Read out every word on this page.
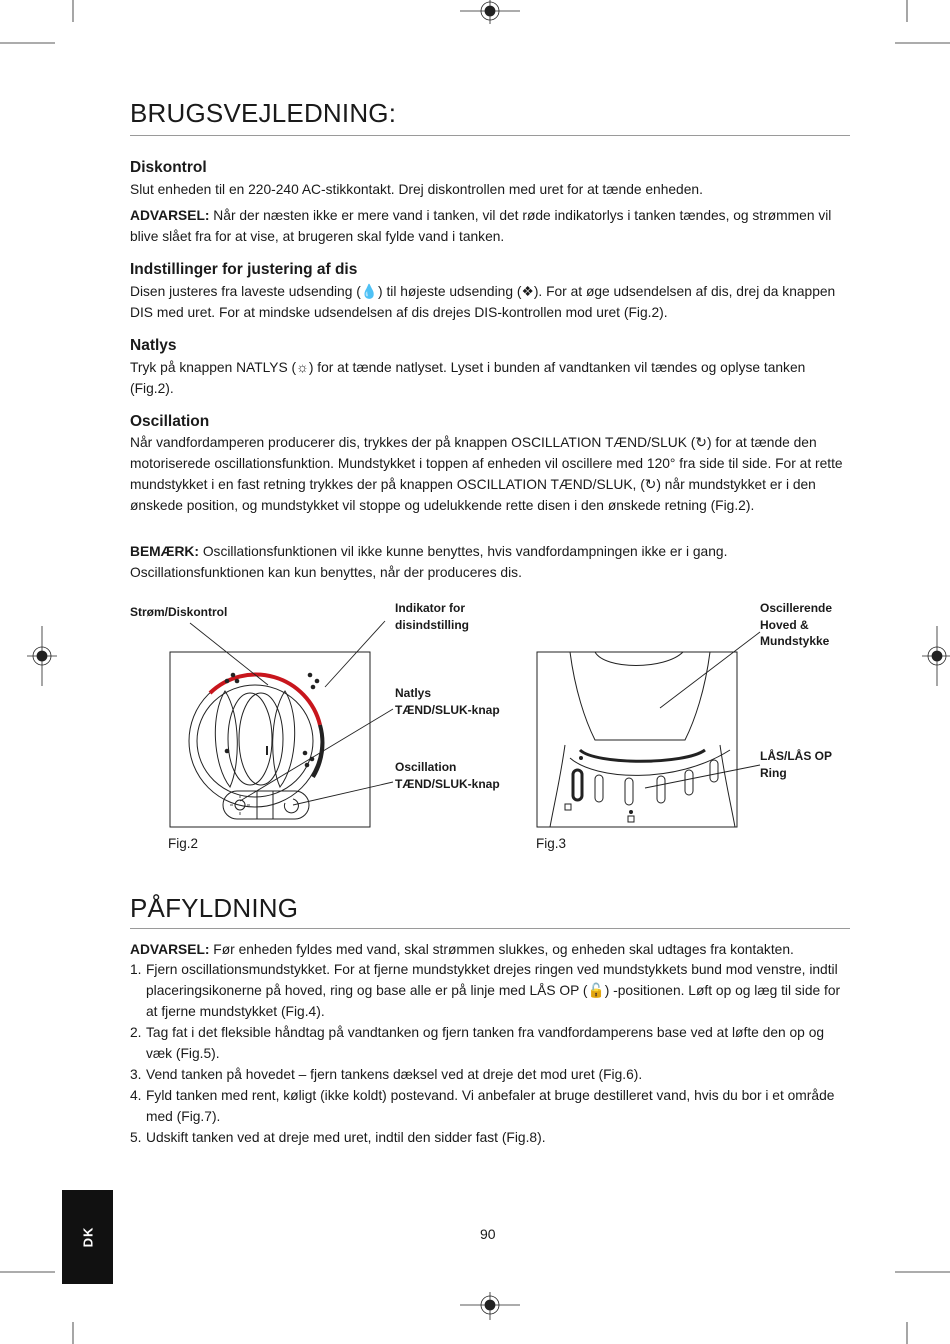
BRUGSVEJLEDNING:
Diskontrol

Slut enheden til en 220-240 AC-stikkontakt. Drej diskontrollen med uret for at tænde enheden.

ADVARSEL: Når der næsten ikke er mere vand i tanken, vil det røde indikatorlys i tanken tændes, og strømmen vil blive slået fra for at vise, at brugeren skal fylde vand i tanken.

Indstillinger for justering af dis

Disen justeres fra laveste udsending (💧) til højeste udsending (❖). For at øge udsendelsen af dis, drej da knappen DIS med uret. For at mindske udsendelsen af dis drejes DIS-kontrollen mod uret (Fig.2).

Natlys

Tryk på knappen NATLYS (☼) for at tænde natlyset. Lyset i bunden af vandtanken vil tændes og oplyse tanken (Fig.2).

Oscillation

Når vandfordamperen producerer dis, trykkes der på knappen OSCILLATION TÆND/SLUK (↻) for at tænde den motoriserede oscillationsfunktion. Mundstykket i toppen af enheden vil oscillere med 120° fra side til side. For at rette mundstykket i en fast retning trykkes der på knappen OSCILLATION TÆND/SLUK, (↻) når mundstykket er i den ønskede position, og mundstykket vil stoppe og udelukkende rette disen i den ønskede retning (Fig.2).

BEMÆRK: Oscillationsfunktionen vil ikke kunne benyttes, hvis vandfordampningen ikke er i gang. Oscillationsfunktionen kan kun benyttes, når der produceres dis.

Strøm/Diskontrol	Indikator for
disindstilling
Natlys
TÆND/SLUK-knap
Oscillation
TÆND/SLUK-knap
Fig.2
Oscillerende
Hoved &
Mundstykke
LÅS/LÅS OP
Ring
Fig.3
PÅFYLDNING

ADVARSEL: Før enheden fyldes med vand, skal strømmen slukkes, og enheden skal udtages fra kontakten.

1. Fjern oscillationsmundstykket. For at fjerne mundstykket drejes ringen ved mundstykkets bund mod venstre, indtil placeringsikonerne på hoved, ring og base alle er på linje med LÅS OP (🔓) -positionen. Løft op og læg til side for at fjerne mundstykket (Fig.4).
2. Tag fat i det fleksible håndtag på vandtanken og fjern tanken fra vandfordamperens base ved at løfte den op og væk (Fig.5).
3. Vend tanken på hovedet – fjern tankens dæksel ved at dreje det mod uret (Fig.6).
4. Fyld tanken med rent, køligt (ikke koldt) postevand. Vi anbefaler at bruge destilleret vand, hvis du bor i et område med (Fig.7).
5. Udskift tanken ved at dreje med uret, indtil den sidder fast (Fig.8).
DK	90
